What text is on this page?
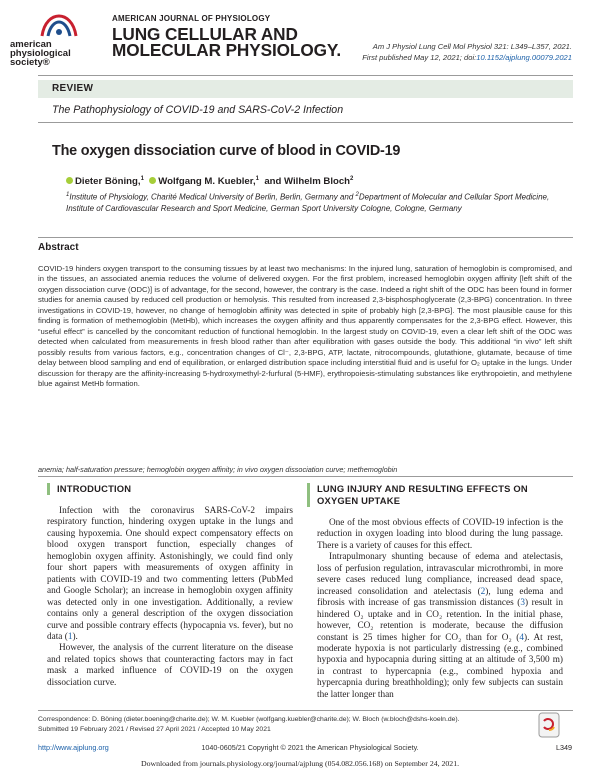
american physiological society®
AMERICAN JOURNAL OF PHYSIOLOGY
LUNG CELLULAR AND
MOLECULAR PHYSIOLOGY.	Am J Physiol Lung Cell Mol Physiol 321: L349–L357, 2021.
First published May 12, 2021; doi:10.1152/ajplung.00079.2021
REVIEW
The Pathophysiology of COVID-19 and SARS-CoV-2 Infection
The oxygen dissociation curve of blood in COVID-19
Dieter Böning,$^1$ Wolfgang M. Kuebler,$^1$ and Wilhelm Bloch$^2$
$^1$Institute of Physiology, Charité Medical University of Berlin, Berlin, Germany and $^2$Department of Molecular and Cellular Sport Medicine, Institute of Cardiovascular Research and Sport Medicine, German Sport University Cologne, Cologne, Germany
Abstract
COVID-19 hinders oxygen transport to the consuming tissues by at least two mechanisms: In the injured lung, saturation of hemoglobin is compromised, and in the tissues, an associated anemia reduces the volume of delivered oxygen. For the first problem, increased hemoglobin oxygen affinity [left shift of the oxygen dissociation curve (ODC)] is of advantage, for the second, however, the contrary is the case. Indeed a right shift of the ODC has been found in former studies for anemia caused by reduced cell production or hemolysis. This resulted from increased 2,3-bisphosphoglycerate (2,3-BPG) concentration. In three investigations in COVID-19, however, no change of hemoglobin affinity was detected in spite of probably high [2,3-BPG]. The most plausible cause for this finding is formation of methemoglobin (MetHb), which increases the oxygen affinity and thus apparently compensates for the 2,3-BPG effect. However, this “useful effect” is cancelled by the concomitant reduction of functional hemoglobin. In the largest study on COVID-19, even a clear left shift of the ODC was detected when calculated from measurements in fresh blood rather than after equilibration with gases outside the body. This additional “in vivo” left shift possibly results from various factors, e.g., concentration changes of Cl⁻, 2,3-BPG, ATP, lactate, nitrocompounds, glutathione, glutamate, because of time delay between blood sampling and end of equilibration, or enlarged distribution space including interstitial fluid and is useful for O₂ uptake in the lungs. Under discussion for therapy are the affinity-increasing 5-hydroxymethyl-2-furfural (5-HMF), erythropoiesis-stimulating substances like erythropoietin, and methylene blue against MetHb formation.
anemia; half-saturation pressure; hemoglobin oxygen affinity; in vivo oxygen dissociation curve; methemoglobin
INTRODUCTION

Infection with the coronavirus SARS-CoV-2 impairs respiratory function, hindering oxygen uptake in the lungs and causing hypoxemia. One should expect compensatory effects on blood oxygen transport function, especially changes of hemoglobin oxygen affinity. Astonishingly, we could find only four short papers with measurements of oxygen affinity in patients with COVID-19 and two commenting letters (PubMed and Google Scholar); an increase in hemoglobin oxygen affinity was detected only in one investigation. Additionally, a review contains only a general description of the oxygen dissociation curve and possible contrary effects (hypocapnia vs. fever), but no data (1).

However, the analysis of the current literature on the disease and related topics shows that counteracting factors may in fact mask a marked influence of COVID-19 on the oxygen dissociation curve.

LUNG INJURY AND RESULTING EFFECTS ON OXYGEN UPTAKE

One of the most obvious effects of COVID-19 infection is the reduction in oxygen loading into blood during the lung passage. There is a variety of causes for this effect.

Intrapulmonary shunting because of edema and atelectasis, loss of perfusion regulation, intravascular microthrombi, in more severe cases reduced lung compliance, increased dead space, increased consolidation and atelectasis (2), lung edema and fibrosis with increase of gas transmission distances (3) result in hindered O₂ uptake and in CO₂ retention. In the initial phase, however, CO₂ retention is moderate, because the diffusion constant is 25 times higher for CO₂ than for O₂ (4). At rest, moderate hypoxia is not particularly distressing (e.g., combined hypoxia and hypocapnia during sitting at an altitude of 3,500 m) in contrast to hypercapnia (e.g., combined hypoxia and hypercapnia during breathholding); only few subjects can sustain the latter longer than

Correspondence: D. Böning (dieter.boening@charite.de); W. M. Kuebler (wolfgang.kuebler@charite.de); W. Bloch (w.bloch@dshs-koeln.de).
Submitted 19 February 2021 / Revised 27 April 2021 / Accepted 10 May 2021
http://www.ajplung.org	1040-0605/21 Copyright © 2021 the American Physiological Society.	L349
Downloaded from journals.physiology.org/journal/ajplung (054.082.056.168) on September 24, 2021.
